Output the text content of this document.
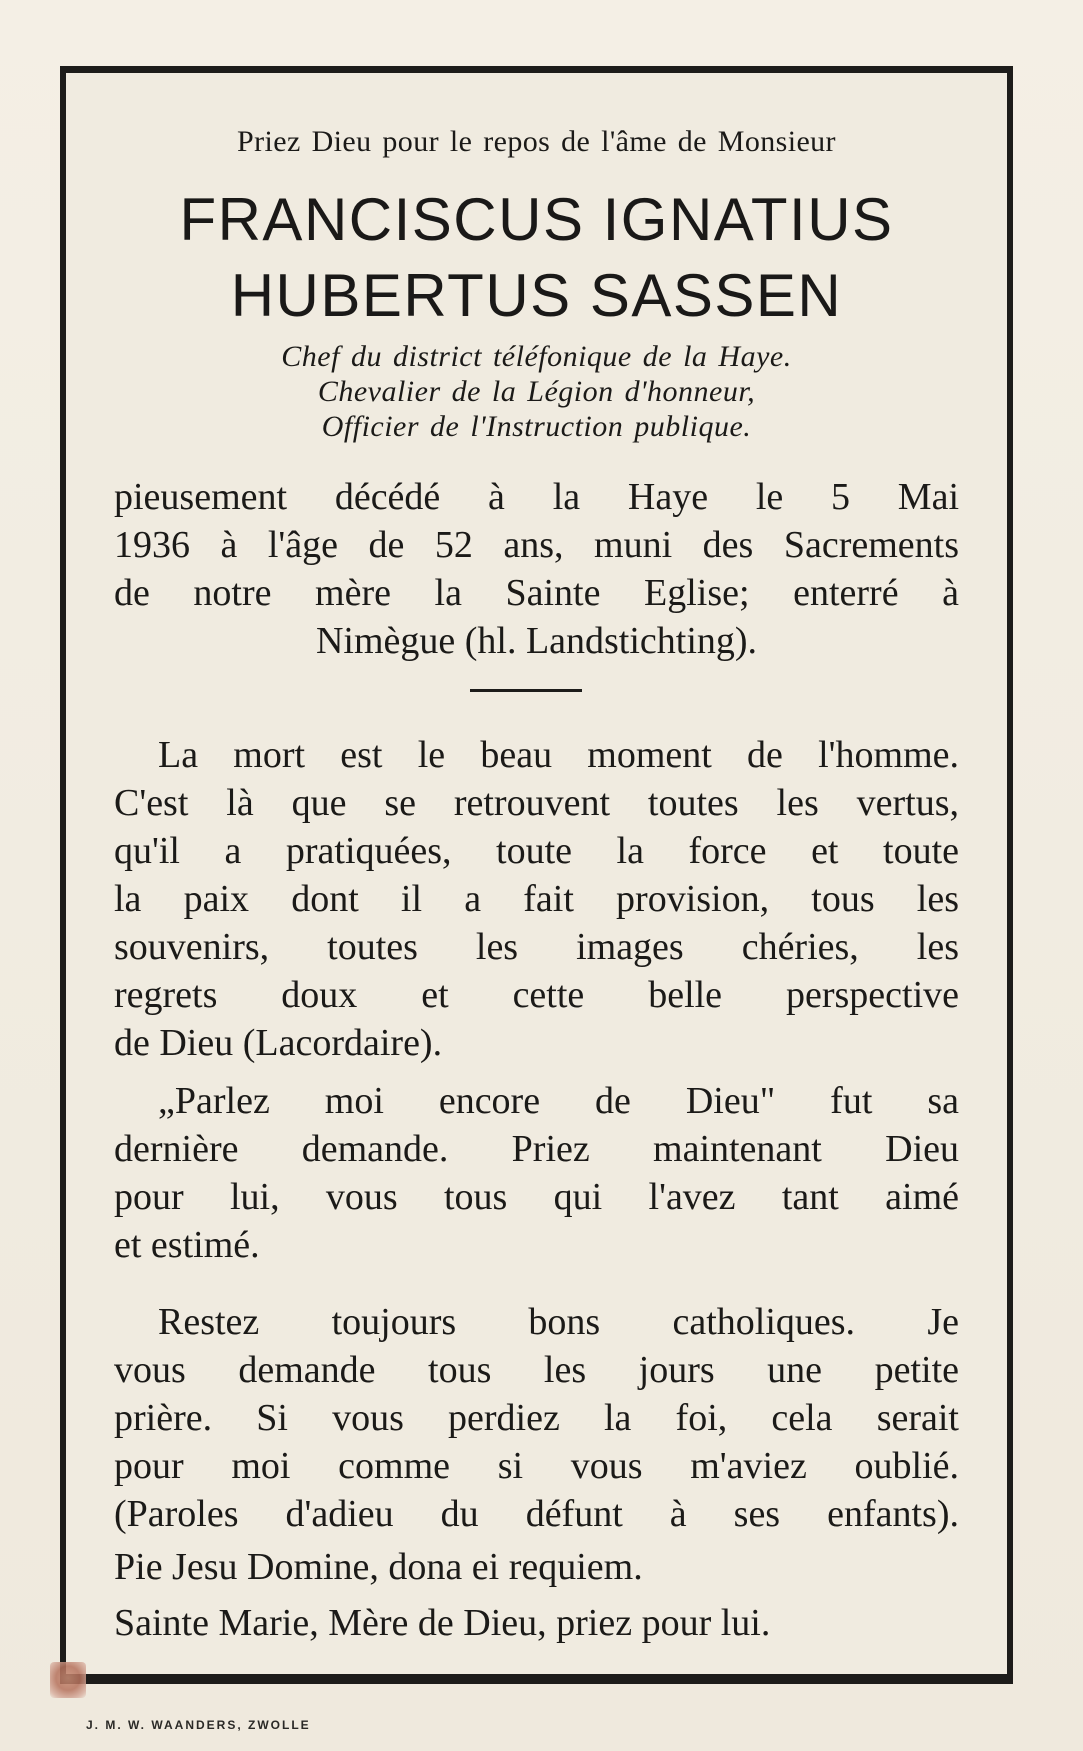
Priez Dieu pour le repos de l'âme de Monsieur
FRANCISCUS IGNATIUS
HUBERTUS SASSEN
Chef du district téléfonique de la Haye.
Chevalier de la Légion d'honneur,
Officier de l'Instruction publique.
pieusement décédé à la Haye le 5 Mai
1936 à l'âge de 52 ans, muni des Sacrements
de notre mère la Sainte Eglise; enterré à
Nimègue (hl. Landstichting).
La mort est le beau moment de l'homme.
C'est là que se retrouvent toutes les vertus,
qu'il a pratiquées, toute la force et toute
la paix dont il a fait provision, tous les
souvenirs, toutes les images chéries, les
regrets doux et cette belle perspective
de Dieu (Lacordaire).
„Parlez moi encore de Dieu" fut sa
dernière demande. Priez maintenant Dieu
pour lui, vous tous qui l'avez tant aimé
et estimé.
Restez toujours bons catholiques. Je
vous demande tous les jours une petite
prière. Si vous perdiez la foi, cela serait
pour moi comme si vous m'aviez oublié.
(Paroles d'adieu du défunt à ses enfants).
Pie Jesu Domine, dona ei requiem.
Sainte Marie, Mère de Dieu, priez pour lui.
J. M. W. WAANDERS, ZWOLLE
